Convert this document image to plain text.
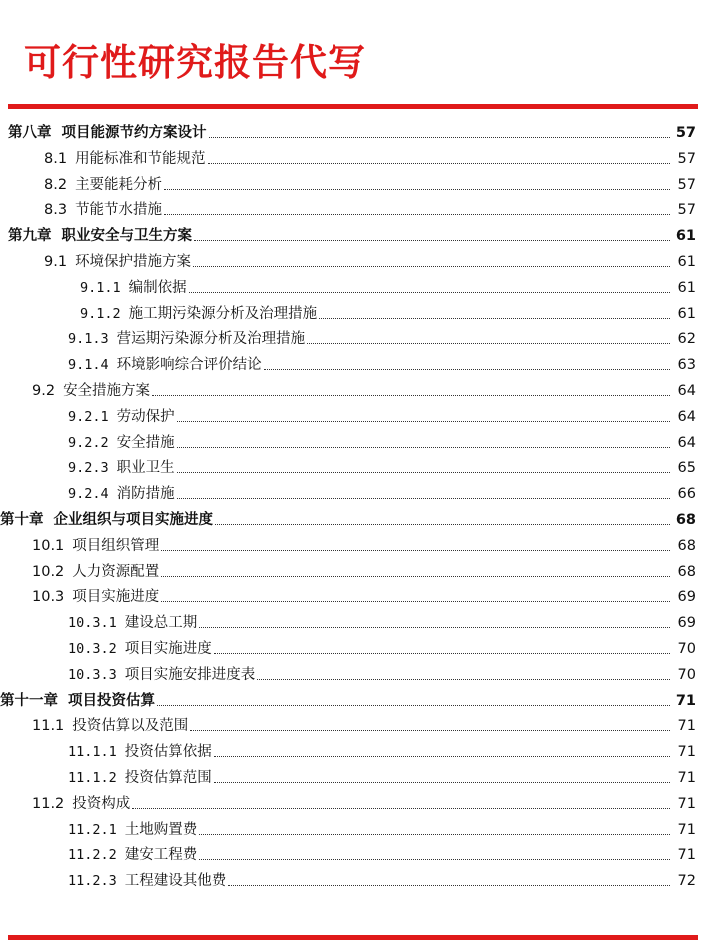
可行性研究报告代写
第八章 项目能源节约方案设计	57
8.1 用能标准和节能规范	57
8.2 主要能耗分析	57
8.3 节能节水措施	57
第九章 职业安全与卫生方案	61
9.1 环境保护措施方案	61
9.1.1 编制依据	61
9.1.2 施工期污染源分析及治理措施	61
9.1.3 营运期污染源分析及治理措施	62
9.1.4 环境影响综合评价结论	63
9.2 安全措施方案	64
9.2.1 劳动保护	64
9.2.2 安全措施	64
9.2.3 职业卫生	65
9.2.4 消防措施	66
第十章 企业组织与项目实施进度	68
10.1 项目组织管理	68
10.2 人力资源配置	68
10.3 项目实施进度	69
10.3.1 建设总工期	69
10.3.2 项目实施进度	70
10.3.3 项目实施安排进度表	70
第十一章 项目投资估算	71
11.1 投资估算以及范围	71
11.1.1 投资估算依据	71
11.1.2 投资估算范围	71
11.2 投资构成	71
11.2.1 土地购置费	71
11.2.2 建安工程费	71
11.2.3 工程建设其他费	72
